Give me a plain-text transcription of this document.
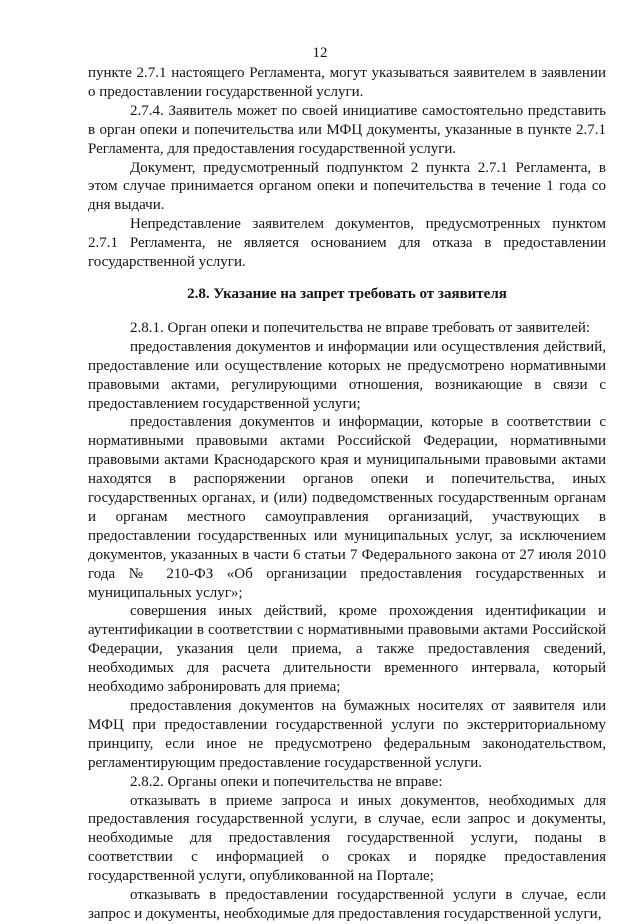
12

пункте 2.7.1 настоящего Регламента, могут указываться заявителем в заявлении о предоставлении государственной услуги.

2.7.4. Заявитель может по своей инициативе самостоятельно представить в орган опеки и попечительства или МФЦ документы, указанные в пункте 2.7.1 Регламента, для предоставления государственной услуги.

Документ, предусмотренный подпунктом 2 пункта 2.7.1 Регламента, в этом случае принимается органом опеки и попечительства в течение 1 года со дня выдачи.

Непредставление заявителем документов, предусмотренных пунктом 2.7.1 Регламента, не является основанием для отказа в предоставлении государственной услуги.

2.8. Указание на запрет требовать от заявителя

2.8.1. Орган опеки и попечительства не вправе требовать от заявителей:

предоставления документов и информации или осуществления действий, предоставление или осуществление которых не предусмотрено нормативными правовыми актами, регулирующими отношения, возникающие в связи с предоставлением государственной услуги;

предоставления документов и информации, которые в соответствии с нормативными правовыми актами Российской Федерации, нормативными правовыми актами Краснодарского края и муниципальными правовыми актами находятся в распоряжении органов опеки и попечительства, иных государственных органах, и (или) подведомственных государственным органам и органам местного самоуправления организаций, участвующих в предоставлении государственных или муниципальных услуг, за исключением документов, указанных в части 6 статьи 7 Федерального закона от 27 июля 2010 года № 210-ФЗ «Об организации предоставления государственных и муниципальных услуг»;

совершения иных действий, кроме прохождения идентификации и аутентификации в соответствии с нормативными правовыми актами Российской Федерации, указания цели приема, а также предоставления сведений, необходимых для расчета длительности временного интервала, который необходимо забронировать для приема;

предоставления документов на бумажных носителях от заявителя или МФЦ при предоставлении государственной услуги по экстерриториальному принципу, если иное не предусмотрено федеральным законодательством, регламентирующим предоставление государственной услуги.

2.8.2. Органы опеки и попечительства не вправе:

отказывать в приеме запроса и иных документов, необходимых для предоставления государственной услуги, в случае, если запрос и документы, необходимые для предоставления государственной услуги, поданы в соответствии с информацией о сроках и порядке предоставления государственной услуги, опубликованной на Портале;

отказывать в предоставлении государственной услуги в случае, если запрос и документы, необходимые для предоставления государственной услуги,
